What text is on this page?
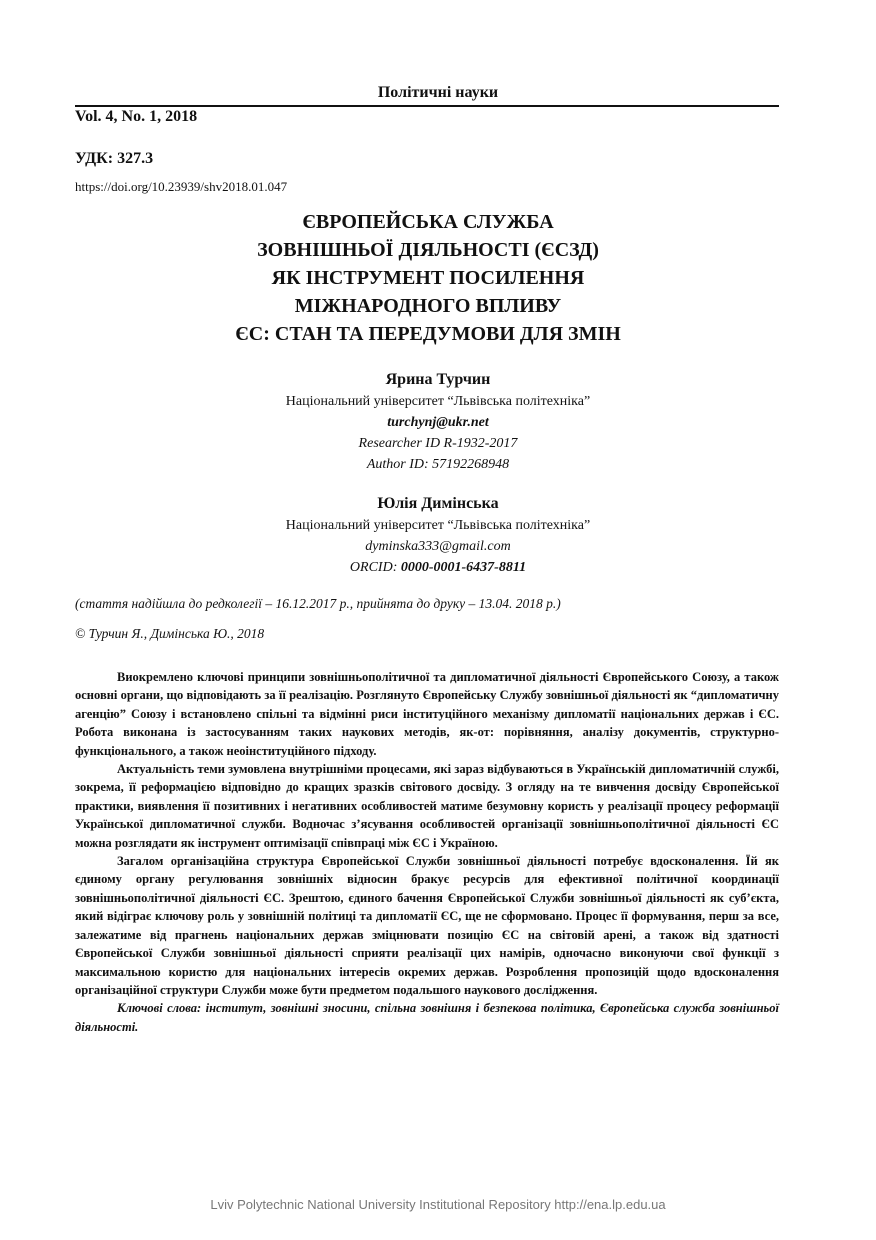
Політичні науки
Vol. 4, No. 1, 2018
УДК: 327.3
https://doi.org/10.23939/shv2018.01.047
ЄВРОПЕЙСЬКА СЛУЖБА
ЗОВНІШНЬОЇ ДІЯЛЬНОСТІ (ЄСЗД)
ЯК ІНСТРУМЕНТ ПОСИЛЕННЯ
МІЖНАРОДНОГО ВПЛИВУ
ЄС: СТАН ТА ПЕРЕДУМОВИ ДЛЯ ЗМІН
Ярина Турчин
Національний університет “Львівська політехніка”
turchynj@ukr.net
Researcher ID R-1932-2017
Author ID: 57192268948
Юлія Димінська
Національний університет “Львівська політехніка”
dyminska333@gmail.com
ORCID: 0000-0001-6437-8811
(стаття надійшла до редколегії – 16.12.2017 р., прийнята до друку – 13.04. 2018 р.)
© Турчин Я., Димінська Ю., 2018

Виокремлено ключові принципи зовнішньополітичної та дипломатичної діяльності Європейського Союзу, а також основні органи, що відповідають за її реалізацію. Розглянуто Європейську Службу зовнішньої діяльності як “дипломатичну агенцію” Союзу і встановлено спільні та відмінні риси інституційного механізму дипломатії національних держав і ЄС. Робота виконана із застосуванням таких наукових методів, як-от: порівняння, аналізу документів, структурно-функціонального, а також неоінституційного підходу.

Актуальність теми зумовлена внутрішніми процесами, які зараз відбуваються в Українській дипломатичній службі, зокрема, її реформацією відповідно до кращих зразків світового досвіду. З огляду на те вивчення досвіду Європейської практики, виявлення її позитивних і негативних особливостей матиме безумовну користь у реалізації процесу реформації Української дипломатичної служби. Водночас з’ясування особливостей організації зовнішньополітичної діяльності ЄС можна розглядати як інструмент оптимізації співпраці між ЄС і Україною.

Загалом організаційна структура Європейської Служби зовнішньої діяльності потребує вдосконалення. Їй як єдиному органу регулювання зовнішніх відносин бракує ресурсів для ефективної політичної координації зовнішньополітичної діяльності ЄС. Зрештою, єдиного бачення Європейської Служби зовнішньої діяльності як суб’єкта, який відіграє ключову роль у зовнішній політиці та дипломатії ЄС, ще не сформовано. Процес її формування, перш за все, залежатиме від прагнень національних держав зміцнювати позицію ЄС на світовій арені, а також від здатності Європейської Служби зовнішньої діяльності сприяти реалізації цих намірів, одночасно виконуючи свої функції з максимальною користю для національних інтересів окремих держав. Розроблення пропозицій щодо вдосконалення організаційної структури Служби може бути предметом подальшого наукового дослідження.

Ключові слова: інститут, зовнішні зносини, спільна зовнішня і безпекова політика, Європейська служба зовнішньої діяльності.

Lviv Polytechnic National University Institutional Repository http://ena.lp.edu.ua
